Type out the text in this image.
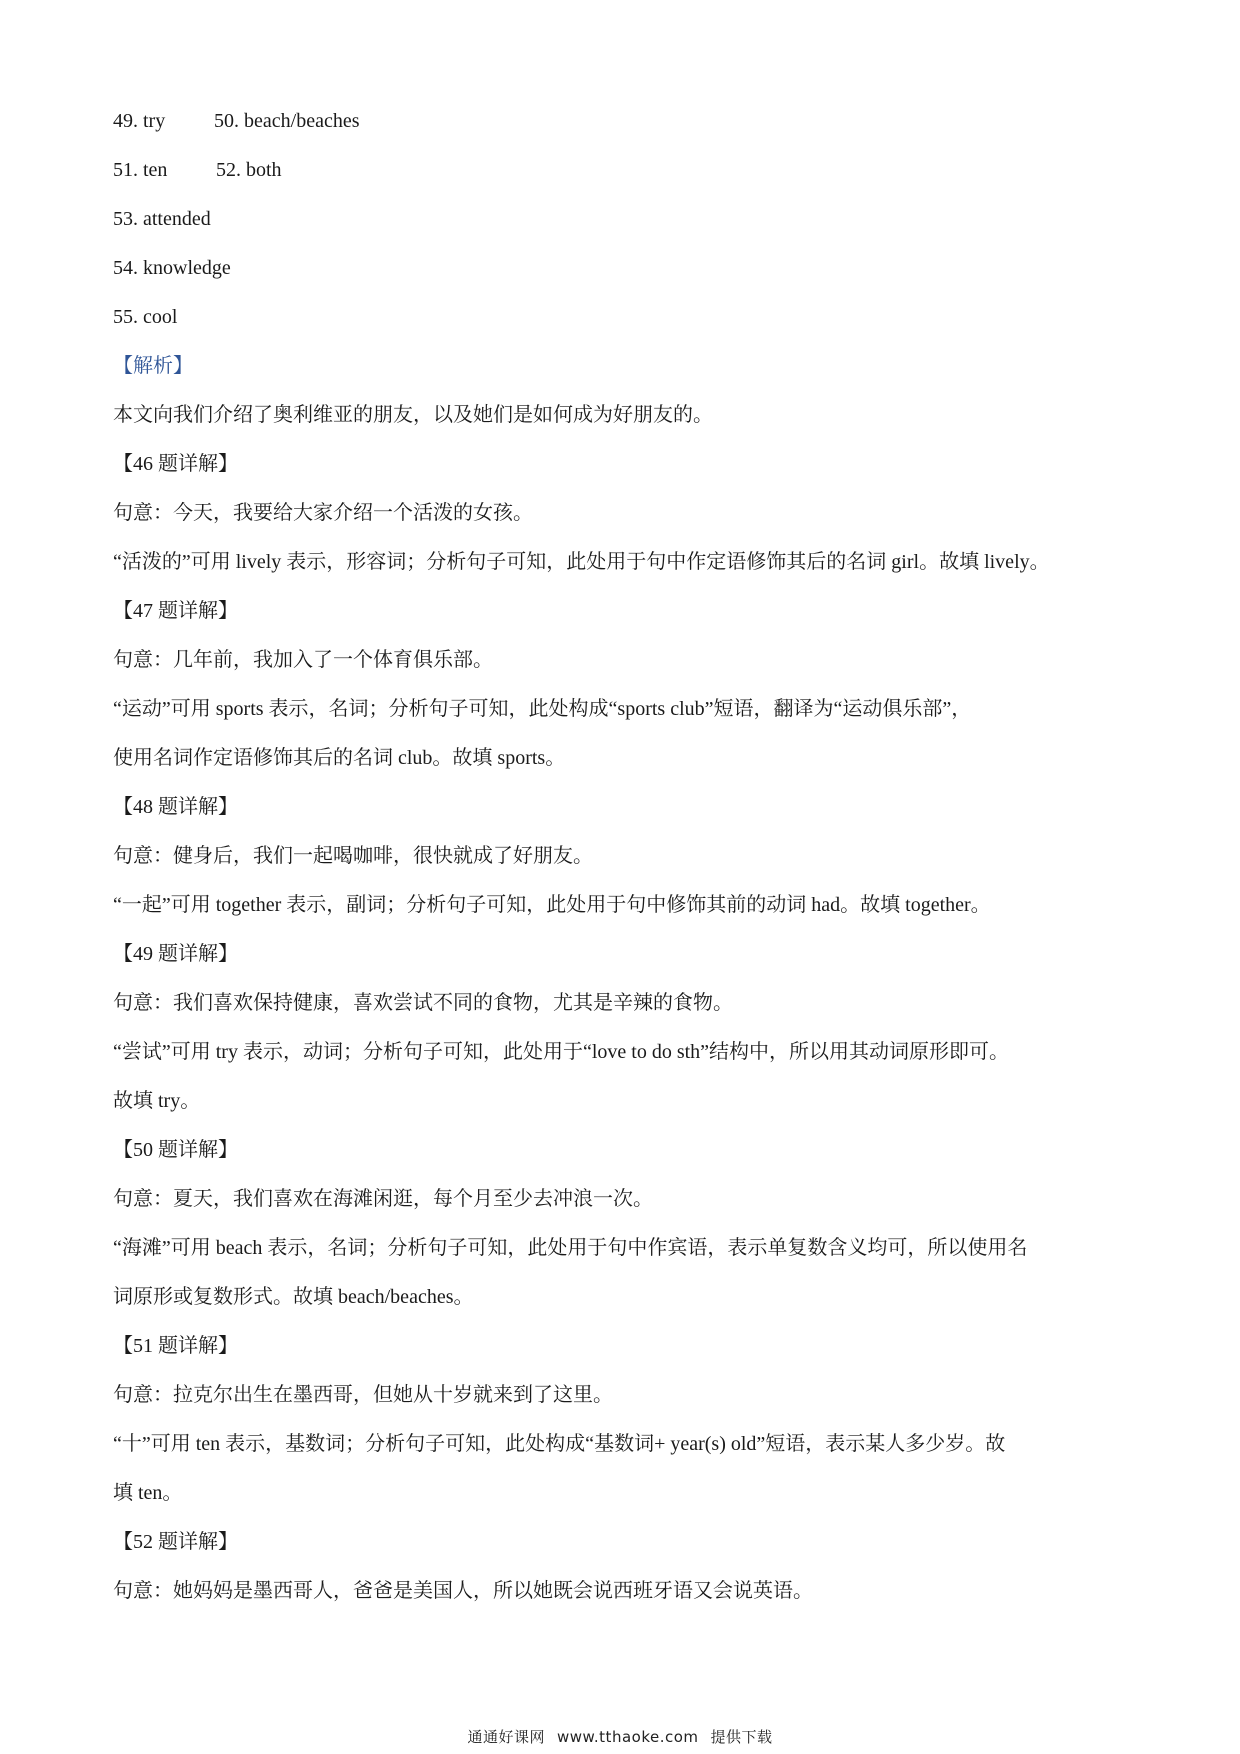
49. try 50. beach/beaches
51. ten 52. both
53. attended
54. knowledge
55. cool
【解析】
本文向我们介绍了奥利维亚的朋友，以及她们是如何成为好朋友的。
【46 题详解】
句意：今天，我要给大家介绍一个活泼的女孩。
“活泼的”可用 lively 表示，形容词；分析句子可知，此处用于句中作定语修饰其后的名词 girl。故填 lively。
【47 题详解】
句意：几年前，我加入了一个体育俱乐部。
“运动”可用 sports 表示，名词；分析句子可知，此处构成“sports club”短语，翻译为“运动俱乐部”，
使用名词作定语修饰其后的名词 club。故填 sports。
【48 题详解】
句意：健身后，我们一起喝咖啡，很快就成了好朋友。
“一起”可用 together 表示，副词；分析句子可知，此处用于句中修饰其前的动词 had。故填 together。
【49 题详解】
句意：我们喜欢保持健康，喜欢尝试不同的食物，尤其是辛辣的食物。
“尝试”可用 try 表示，动词；分析句子可知，此处用于“love to do sth”结构中，所以用其动词原形即可。
故填 try。
【50 题详解】
句意：夏天，我们喜欢在海滩闲逛，每个月至少去冲浪一次。
“海滩”可用 beach 表示，名词；分析句子可知，此处用于句中作宾语，表示单复数含义均可，所以使用名
词原形或复数形式。故填 beach/beaches。
【51 题详解】
句意：拉克尔出生在墨西哥，但她从十岁就来到了这里。
“十”可用 ten 表示，基数词；分析句子可知，此处构成“基数词+ year(s) old”短语，表示某人多少岁。故
填 ten。
【52 题详解】
句意：她妈妈是墨西哥人，爸爸是美国人，所以她既会说西班牙语又会说英语。
通通好课网 www.tthaoke.com 提供下载
